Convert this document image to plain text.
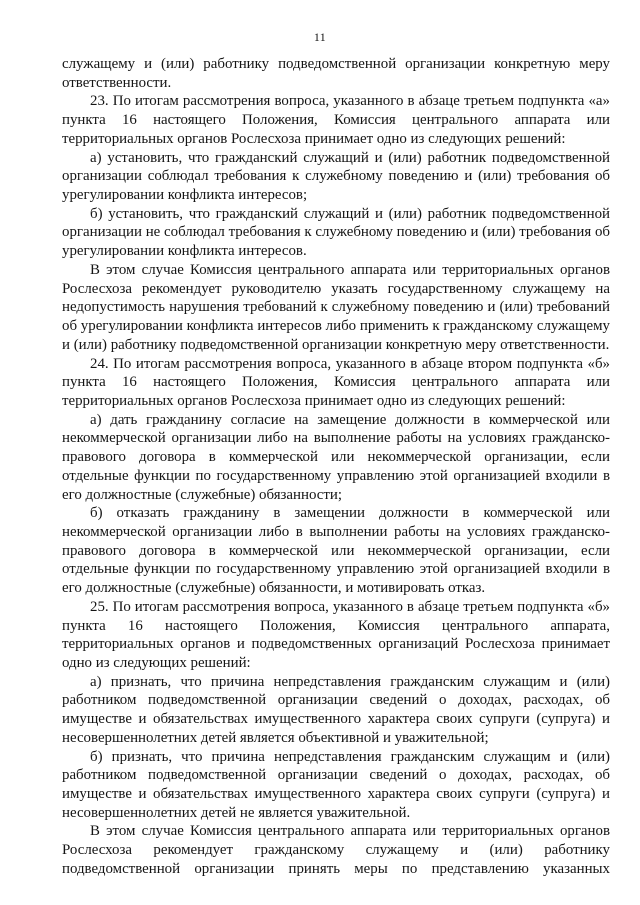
11

служащему и (или) работнику подведомственной организации конкретную меру ответственности.

23. По итогам рассмотрения вопроса, указанного в абзаце третьем подпункта «а» пункта 16 настоящего Положения, Комиссия центрального аппарата или территориальных органов Рослесхоза принимает одно из следующих решений:

а) установить, что гражданский служащий и (или) работник подведомственной организации соблюдал требования к служебному поведению и (или) требования об урегулировании конфликта интересов;

б) установить, что гражданский служащий и (или) работник подведомственной организации не соблюдал требования к служебному поведению и (или) требования об урегулировании конфликта интересов.

В этом случае Комиссия центрального аппарата или территориальных органов Рослесхоза рекомендует руководителю указать государственному служащему на недопустимость нарушения требований к служебному поведению и (или) требований об урегулировании конфликта интересов либо применить к гражданскому служащему и (или) работнику подведомственной организации конкретную меру ответственности.

24. По итогам рассмотрения вопроса, указанного в абзаце втором подпункта «б» пункта 16 настоящего Положения, Комиссия центрального аппарата или территориальных органов Рослесхоза принимает одно из следующих решений:

а) дать гражданину согласие на замещение должности в коммерческой или некоммерческой организации либо на выполнение работы на условиях гражданско-правового договора в коммерческой или некоммерческой организации, если отдельные функции по государственному управлению этой организацией входили в его должностные (служебные) обязанности;

б) отказать гражданину в замещении должности в коммерческой или некоммерческой организации либо в выполнении работы на условиях гражданско-правового договора в коммерческой или некоммерческой организации, если отдельные функции по государственному управлению этой организацией входили в его должностные (служебные) обязанности, и мотивировать отказ.

25. По итогам рассмотрения вопроса, указанного в абзаце третьем подпункта «б» пункта 16 настоящего Положения, Комиссия центрального аппарата, территориальных органов и подведомственных организаций Рослесхоза принимает одно из следующих решений:

а) признать, что причина непредставления гражданским служащим и (или) работником подведомственной организации сведений о доходах, расходах, об имуществе и обязательствах имущественного характера своих супруги (супруга) и несовершеннолетних детей является объективной и уважительной;

б) признать, что причина непредставления гражданским служащим и (или) работником подведомственной организации сведений о доходах, расходах, об имуществе и обязательствах имущественного характера своих супруги (супруга) и несовершеннолетних детей не является уважительной.

В этом случае Комиссия центрального аппарата или территориальных органов Рослесхоза рекомендует гражданскому служащему и (или) работнику подведомственной организации принять меры по представлению указанных
